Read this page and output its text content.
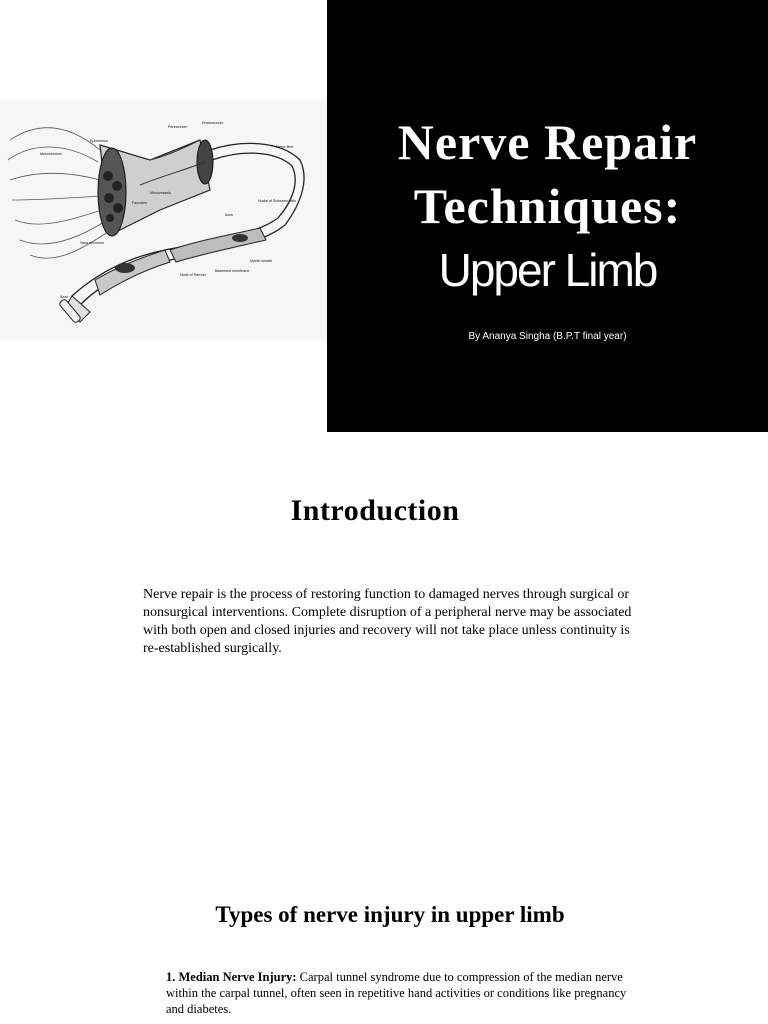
Perineurium
Endoneurium
Epineurium
Mesoneurium
Nerve fiber
Microvessels
Fascicles
Vasa nervorum
Axon
Nuclei of Schwann cells
Myelin sheath
Node of Ranvier
Basement membrane
Axon
Nerve Repair
Techniques:
Upper Limb
By Ananya Singha (B.P.T final year)
Introduction

Nerve repair is the process of restoring function to damaged nerves through surgical or nonsurgical interventions. Complete disruption of a peripheral nerve may be associated with both open and closed injuries and recovery will not take place unless continuity is re-established surgically.

Types of nerve injury in upper limb

1. Median Nerve Injury: Carpal tunnel syndrome due to compression of the median nerve within the carpal tunnel, often seen in repetitive hand activities or conditions like pregnancy and diabetes.
